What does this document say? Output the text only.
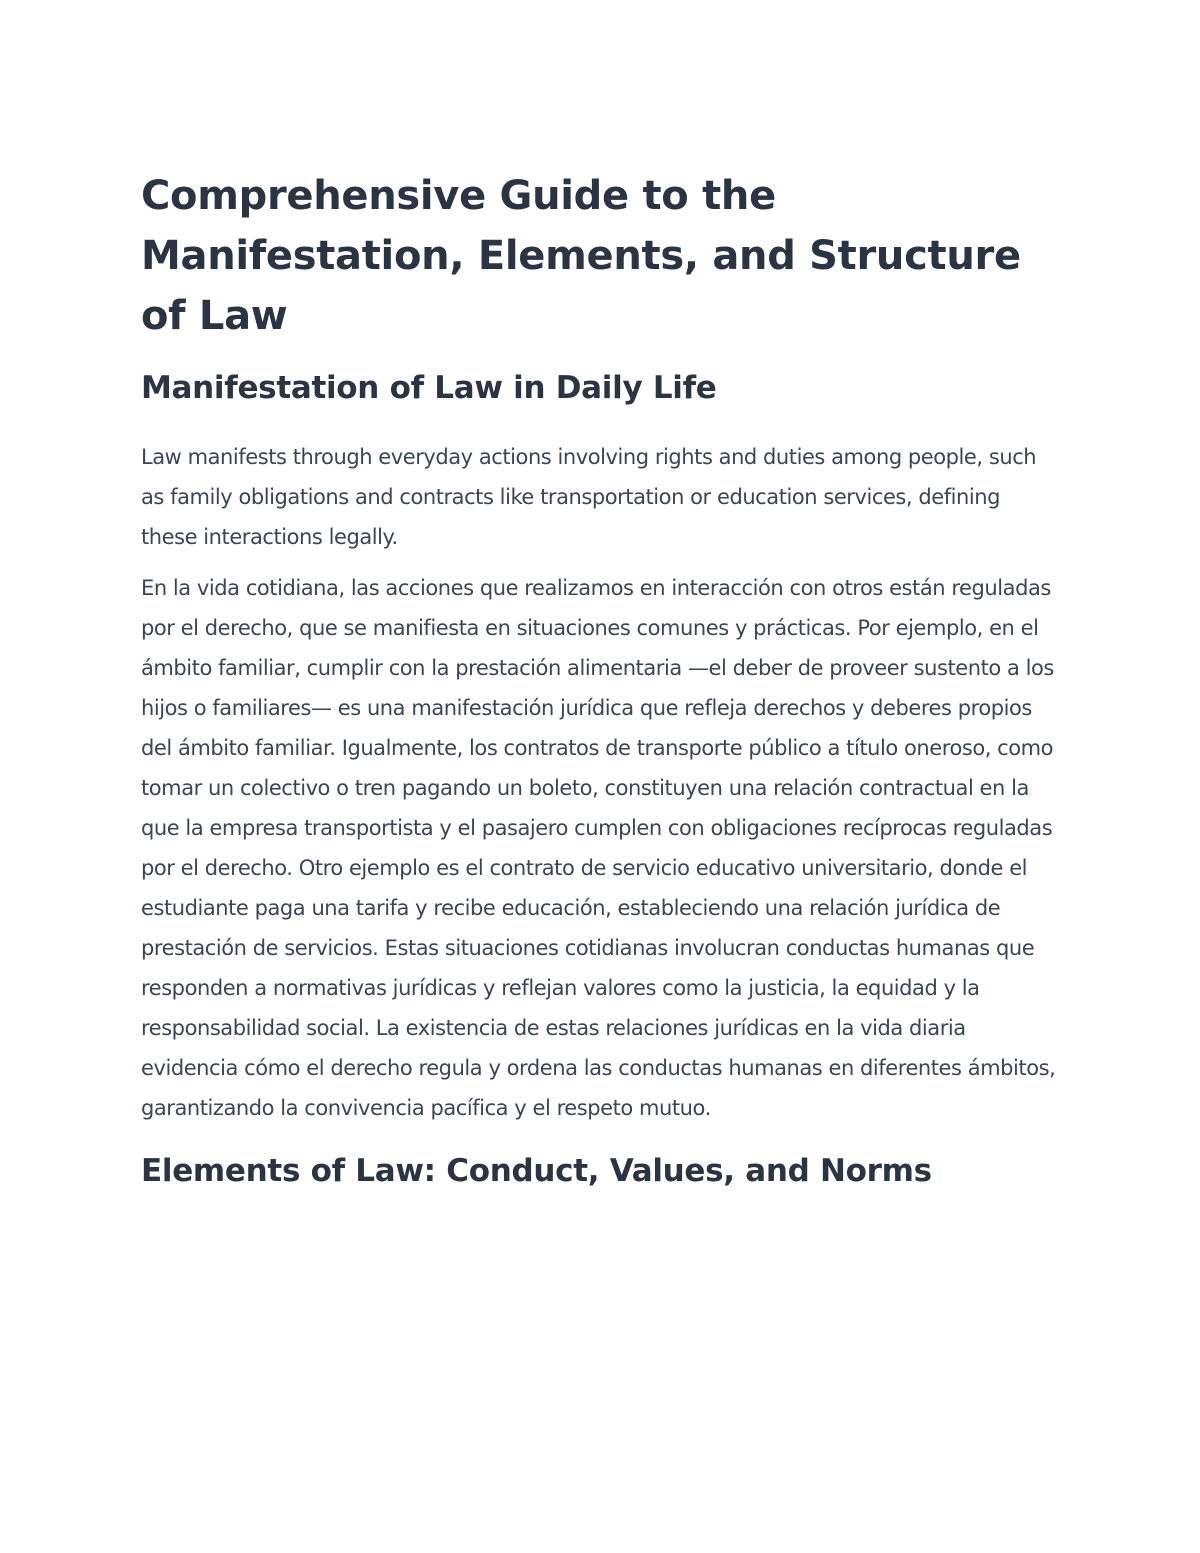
Comprehensive Guide to the Manifestation, Elements, and Structure of Law
Manifestation of Law in Daily Life

Law manifests through everyday actions involving rights and duties among people, such as family obligations and contracts like transportation or education services, defining these interactions legally.

En la vida cotidiana, las acciones que realizamos en interacción con otros están reguladas por el derecho, que se manifiesta en situaciones comunes y prácticas. Por ejemplo, en el ámbito familiar, cumplir con la prestación alimentaria —el deber de proveer sustento a los hijos o familiares— es una manifestación jurídica que refleja derechos y deberes propios del ámbito familiar. Igualmente, los contratos de transporte público a título oneroso, como tomar un colectivo o tren pagando un boleto, constituyen una relación contractual en la que la empresa transportista y el pasajero cumplen con obligaciones recíprocas reguladas por el derecho. Otro ejemplo es el contrato de servicio educativo universitario, donde el estudiante paga una tarifa y recibe educación, estableciendo una relación jurídica de prestación de servicios. Estas situaciones cotidianas involucran conductas humanas que responden a normativas jurídicas y reflejan valores como la justicia, la equidad y la responsabilidad social. La existencia de estas relaciones jurídicas en la vida diaria evidencia cómo el derecho regula y ordena las conductas humanas en diferentes ámbitos, garantizando la convivencia pacífica y el respeto mutuo.

Elements of Law: Conduct, Values, and Norms
